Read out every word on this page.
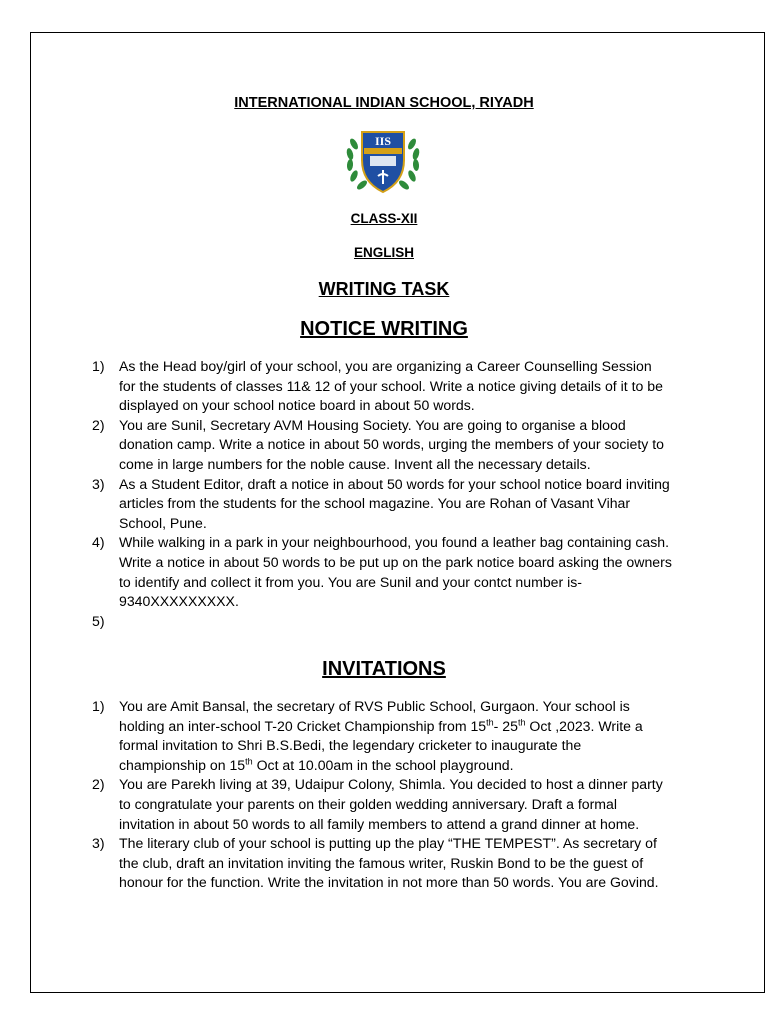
INTERNATIONAL INDIAN SCHOOL, RIYADH
IIS
CLASS-XII
ENGLISH
WRITING TASK
NOTICE WRITING
1)	As the Head boy/girl of your school, you are organizing a Career Counselling Session for the students of classes 11& 12 of your school. Write a notice giving details of it to be displayed on your school notice board in about 50 words.
2)	You are Sunil, Secretary AVM Housing Society. You are going to organise a blood donation camp. Write a notice in about 50 words, urging the members of your society to come in large numbers for the noble cause. Invent all the necessary details.
3)	As a Student Editor, draft a notice in about 50 words for your school notice board inviting articles from the students for the school magazine. You are Rohan of Vasant Vihar School, Pune.
4)	While walking in a park in your neighbourhood, you found a leather bag containing cash. Write a notice in about 50 words to be put up on the park notice board asking the owners to identify and collect it from you. You are Sunil and your contct number is-9340XXXXXXXXX.
5)
INVITATIONS
1)	You are Amit Bansal, the secretary of RVS Public School, Gurgaon. Your school is holding an inter-school T-20 Cricket Championship from 15th- 25th Oct ,2023. Write a formal invitation to Shri B.S.Bedi, the legendary cricketer to inaugurate the championship on 15th Oct at 10.00am in the school playground.
2)	You are Parekh living at 39, Udaipur Colony, Shimla. You decided to host a dinner party to congratulate your parents on their golden wedding anniversary. Draft a formal invitation in about 50 words to all family members to attend a grand dinner at home.
3)	The literary club of your school is putting up the play “THE TEMPEST”. As secretary of the club, draft an invitation inviting the famous writer, Ruskin Bond to be the guest of honour for the function. Write the invitation in not more than 50 words. You are Govind.
